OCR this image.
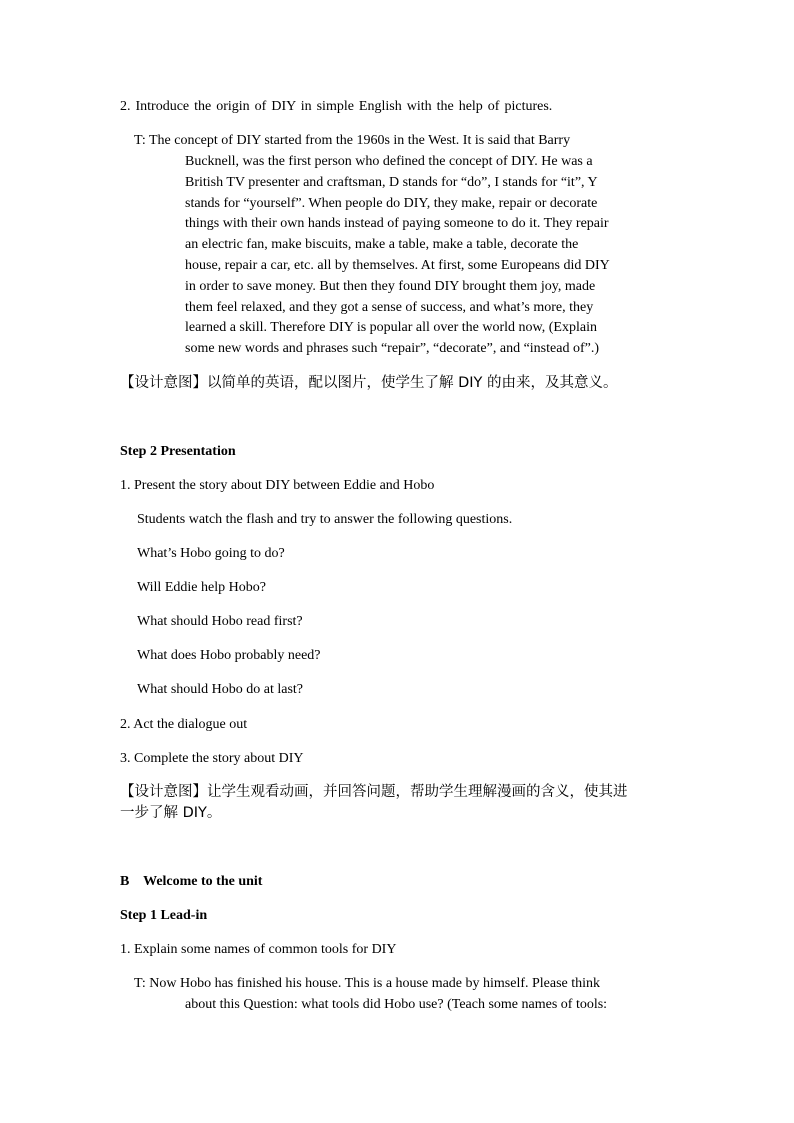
2. Introduce the origin of DIY in simple English with the help of pictures.
T: The concept of DIY started from the 1960s in the West. It is said that Barry
Bucknell, was the first person who defined the concept of DIY. He was a
British TV presenter and craftsman, D stands for “do”, I stands for “it”, Y
stands for “yourself”. When people do DIY, they make, repair or decorate
things with their own hands instead of paying someone to do it. They repair
an electric fan, make biscuits, make a table, make a table, decorate the
house, repair a car, etc. all by themselves. At first, some Europeans did DIY
in order to save money. But then they found DIY brought them joy, made
them feel relaxed, and they got a sense of success, and what’s more, they
learned a skill. Therefore DIY is popular all over the world now, (Explain
some new words and phrases such “repair”, “decorate”, and “instead of”.)
【设计意图】以简单的英语，配以图片，使学生了解 DIY 的由来，及其意义。
Step 2 Presentation
1. Present the story about DIY between Eddie and Hobo
Students watch the flash and try to answer the following questions.
What’s Hobo going to do?
Will Eddie help Hobo?
What should Hobo read first?
What does Hobo probably need?
What should Hobo do at last?
2. Act the dialogue out
3. Complete the story about DIY
【设计意图】让学生观看动画，并回答问题，帮助学生理解漫画的含义，使其进
一步了解 DIY。
B    Welcome to the unit
Step 1 Lead-in
1. Explain some names of common tools for DIY
T: Now Hobo has finished his house. This is a house made by himself. Please think
about this Question: what tools did Hobo use? (Teach some names of tools:
